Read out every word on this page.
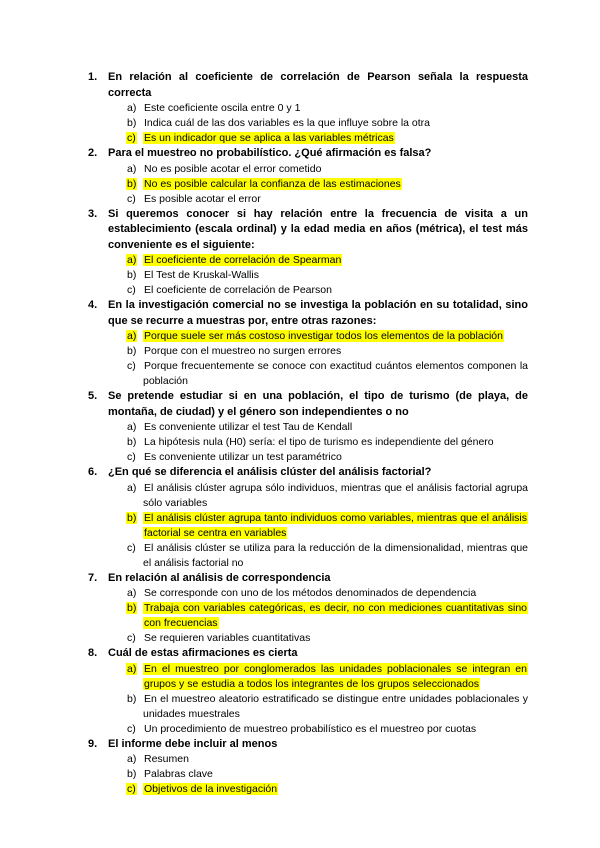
1. En relación al coeficiente de correlación de Pearson señala la respuesta correcta
a) Este coeficiente oscila entre 0 y 1
b) Indica cuál de las dos variables es la que influye sobre la otra
c) Es un indicador que se aplica a las variables métricas
2. Para el muestreo no probabilístico. ¿Qué afirmación es falsa?
a) No es posible acotar el error cometido
b) No es posible calcular la confianza de las estimaciones
c) Es posible acotar el error
3. Si queremos conocer si hay relación entre la frecuencia de visita a un establecimiento (escala ordinal) y la edad media en años (métrica), el test más conveniente es el siguiente:
a) El coeficiente de correlación de Spearman
b) El Test de Kruskal-Wallis
c) El coeficiente de correlación de Pearson
4. En la investigación comercial no se investiga la población en su totalidad, sino que se recurre a muestras por, entre otras razones:
a) Porque suele ser más costoso investigar todos los elementos de la población
b) Porque con el muestreo no surgen errores
c) Porque frecuentemente se conoce con exactitud cuántos elementos componen la población
5. Se pretende estudiar si en una población, el tipo de turismo (de playa, de montaña, de ciudad) y el género son independientes o no
a) Es conveniente utilizar el test Tau de Kendall
b) La hipótesis nula (H0) sería: el tipo de turismo es independiente del género
c) Es conveniente utilizar un test paramétrico
6. ¿En qué se diferencia el análisis clúster del análisis factorial?
a) El análisis clúster agrupa sólo individuos, mientras que el análisis factorial agrupa sólo variables
b) El análisis clúster agrupa tanto individuos como variables, mientras que el análisis factorial se centra en variables
c) El análisis clúster se utiliza para la reducción de la dimensionalidad, mientras que el análisis factorial no
7. En relación al análisis de correspondencia
a) Se corresponde con uno de los métodos denominados de dependencia
b) Trabaja con variables categóricas, es decir, no con mediciones cuantitativas sino con frecuencias
c) Se requieren variables cuantitativas
8. Cuál de estas afirmaciones es cierta
a) En el muestreo por conglomerados las unidades poblacionales se integran en grupos y se estudia a todos los integrantes de los grupos seleccionados
b) En el muestreo aleatorio estratificado se distingue entre unidades poblacionales y unidades muestrales
c) Un procedimiento de muestreo probabilístico es el muestreo por cuotas
9. El informe debe incluir al menos
a) Resumen
b) Palabras clave
c) Objetivos de la investigación
